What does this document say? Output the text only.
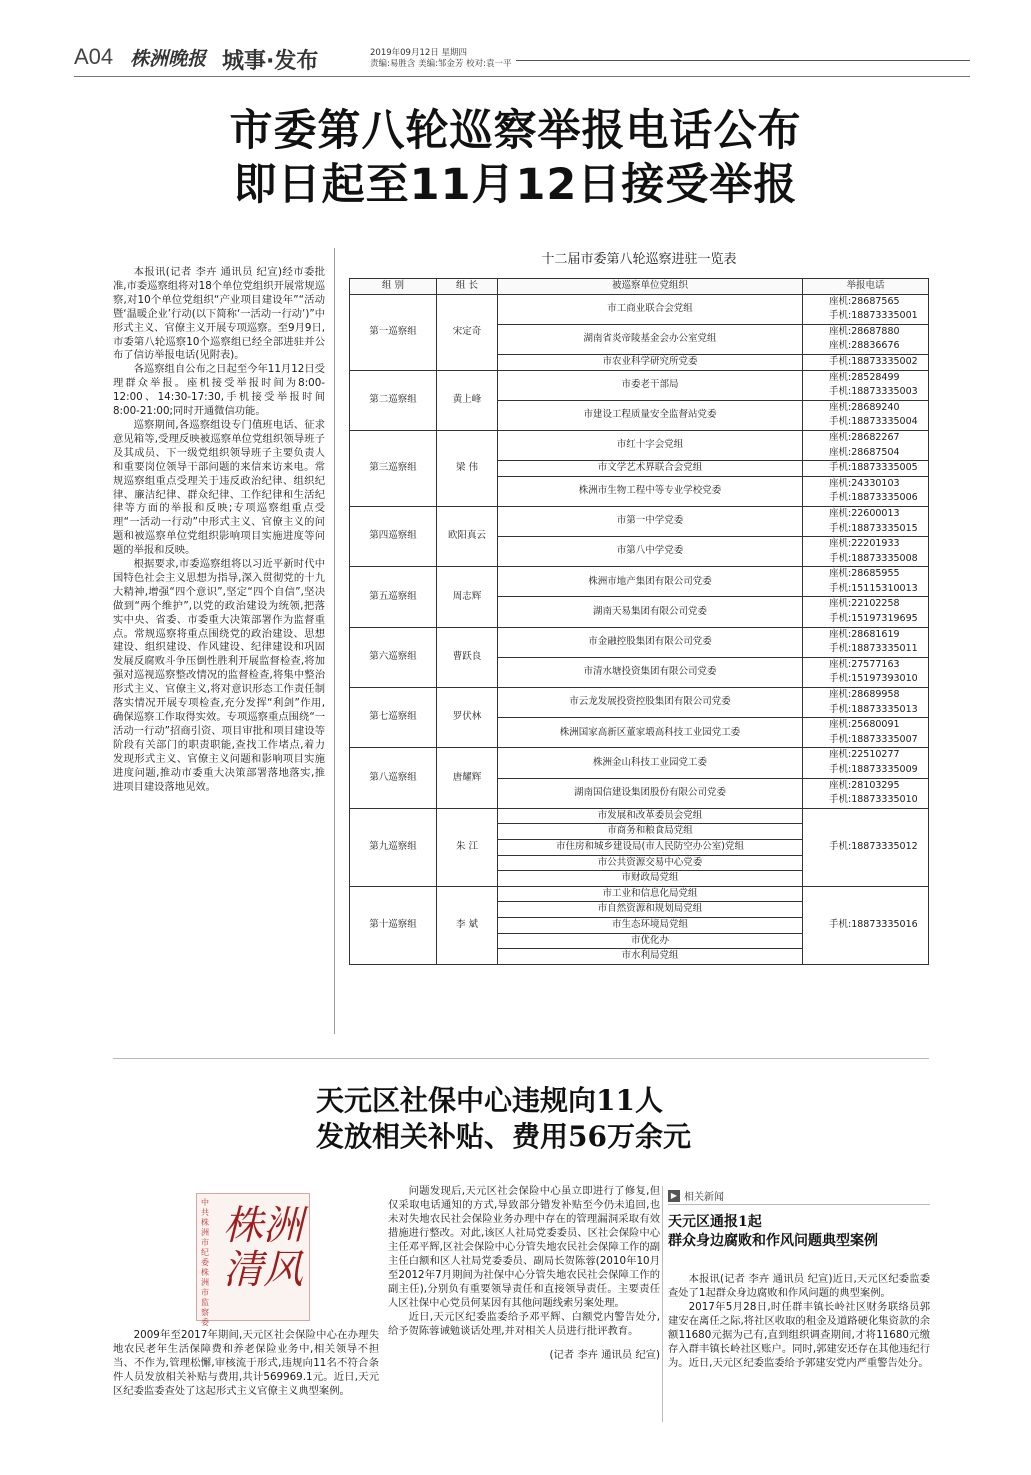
A04 株洲晚报 城事·发布	2019年09月12日 星期四
责编:易胜含 美编:邹金芳 校对:袁一平
市委第八轮巡察举报电话公布
即日起至11月12日接受举报

本报讯(记者 李卉 通讯员 纪宣)经市委批准,市委巡察组将对18个单位党组织开展常规巡察,对10个单位党组织“产业项目建设年”“活动暨‘温暖企业’行动(以下简称‘一活动一行动’)”中形式主义、官僚主义开展专项巡察。至9月9日,市委第八轮巡察10个巡察组已经全部进驻并公布了信访举报电话(见附表)。

各巡察组自公布之日起至今年11月12日受理群众举报。座机接受举报时间为8:00-12:00、14:30-17:30,手机接受举报时间8:00-21:00;同时开通微信功能。

巡察期间,各巡察组设专门值班电话、征求意见箱等,受理反映被巡察单位党组织领导班子及其成员、下一级党组织领导班子主要负责人和重要岗位领导干部问题的来信来访来电。常规巡察组重点受理关于违反政治纪律、组织纪律、廉洁纪律、群众纪律、工作纪律和生活纪律等方面的举报和反映;专项巡察组重点受理“一活动一行动”中形式主义、官僚主义的问题和被巡察单位党组织影响项目实施进度等问题的举报和反映。

根据要求,市委巡察组将以习近平新时代中国特色社会主义思想为指导,深入贯彻党的十九大精神,增强“四个意识”,坚定“四个自信”,坚决做到“两个维护”,以党的政治建设为统领,把落实中央、省委、市委重大决策部署作为监督重点。常规巡察将重点围绕党的政治建设、思想建设、组织建设、作风建设、纪律建设和巩固发展反腐败斗争压倒性胜利开展监督检查,将加强对巡视巡察整改情况的监督检查,将集中整治形式主义、官僚主义,将对意识形态工作责任制落实情况开展专项检查,充分发挥“利剑”作用,确保巡察工作取得实效。专项巡察重点围绕“一活动一行动”招商引资、项目审批和项目建设等阶段有关部门的职责职能,查找工作堵点,着力发现形式主义、官僚主义问题和影响项目实施进度问题,推动市委重大决策部署落地落实,推进项目建设落地见效。

十二届市委第八轮巡察进驻一览表
组 别	组 长	被巡察单位党组织	举报电话
第一巡察组	宋定奇	市工商业联合会党组	座机:28687565
手机:18873335001

		湖南省炎帝陵基金会办公室党组	座机:28687880
座机:28836676

		市农业科学研究所党委	手机:18873335002

第二巡察组	黄上峰	市委老干部局	座机:28528499
手机:18873335003

		市建设工程质量安全监督站党委	座机:28689240
手机:18873335004

第三巡察组	梁 伟	市红十字会党组	座机:28682267
座机:28687504

		市文学艺术界联合会党组	手机:18873335005

		株洲市生物工程中等专业学校党委	座机:24330103
手机:18873335006

第四巡察组	欧阳真云	市第一中学党委	座机:22600013
手机:18873335015

		市第八中学党委	座机:22201933
手机:18873335008

第五巡察组	周志辉	株洲市地产集团有限公司党委	座机:28685955
手机:15115310013

		湖南天易集团有限公司党委	座机:22102258
手机:15197319695

第六巡察组	曹跃良	市金融控股集团有限公司党委	座机:28681619
手机:18873335011

		市清水塘投资集团有限公司党委	座机:27577163
手机:15197393010

第七巡察组	罗伏林	市云龙发展投资控股集团有限公司党委	座机:28689958
手机:18873335013

		株洲国家高新区董家塅高科技工业园党工委	座机:25680091
手机:18873335007

第八巡察组	唐耀辉	株洲金山科技工业园党工委	座机:22510277
手机:18873335009

		湖南国信建设集团股份有限公司党委	座机:28103295
手机:18873335010

第九巡察组	朱 江	市发展和改革委员会党组	手机:18873335012
		市商务和粮食局党组	
		市住房和城乡建设局(市人民防空办公室)党组	
		市公共资源交易中心党委	
		市财政局党组	
第十巡察组	李 斌	市工业和信息化局党组	手机:18873335016
		市自然资源和规划局党组	
		市生态环境局党组	
		市优化办	
		市水利局党组	
天元区社保中心违规向11人
发放相关补贴、费用56万余元
中共株洲市纪委 株洲市监察委
株洲 清风

2009年至2017年期间,天元区社会保险中心在办理失地农民老年生活保障费和养老保险业务中,相关领导不担当、不作为,管理松懈,审核流于形式,违规向11名不符合条件人员发放相关补贴与费用,共计569969.1元。近日,天元区纪委监委查处了这起形式主义官僚主义典型案例。

问题发现后,天元区社会保险中心虽立即进行了修复,但仅采取电话通知的方式,导致部分错发补贴至今仍未追回,也未对失地农民社会保险业务办理中存在的管理漏洞采取有效措施进行整改。对此,该区人社局党委委员、区社会保险中心主任邓平辉,区社会保险中心分管失地农民社会保障工作的副主任白额和区人社局党委委员、副局长贺陈蓉(2010年10月至2012年7月期间为社保中心分管失地农民社会保障工作的副主任),分别负有重要领导责任和直接领导责任。主要责任人区社保中心党员何某因有其他问题线索另案处理。

近日,天元区纪委监委给予邓平辉、白额党内警告处分,给予贺陈蓉诫勉谈话处理,并对相关人员进行批评教育。

(记者 李卉 通讯员 纪宣)

▶ 相关新闻
天元区通报1起
群众身边腐败和作风问题典型案例

本报讯(记者 李卉 通讯员 纪宣)近日,天元区纪委监委查处了1起群众身边腐败和作风问题的典型案例。

2017年5月28日,时任群丰镇长岭社区财务联络员郭建安在离任之际,将社区收取的租金及道路硬化集资款的余额11680元据为己有,直到组织调查期间,才将11680元缴存入群丰镇长岭社区账户。同时,郭建安还存在其他违纪行为。近日,天元区纪委监委给予郭建安党内严重警告处分。
